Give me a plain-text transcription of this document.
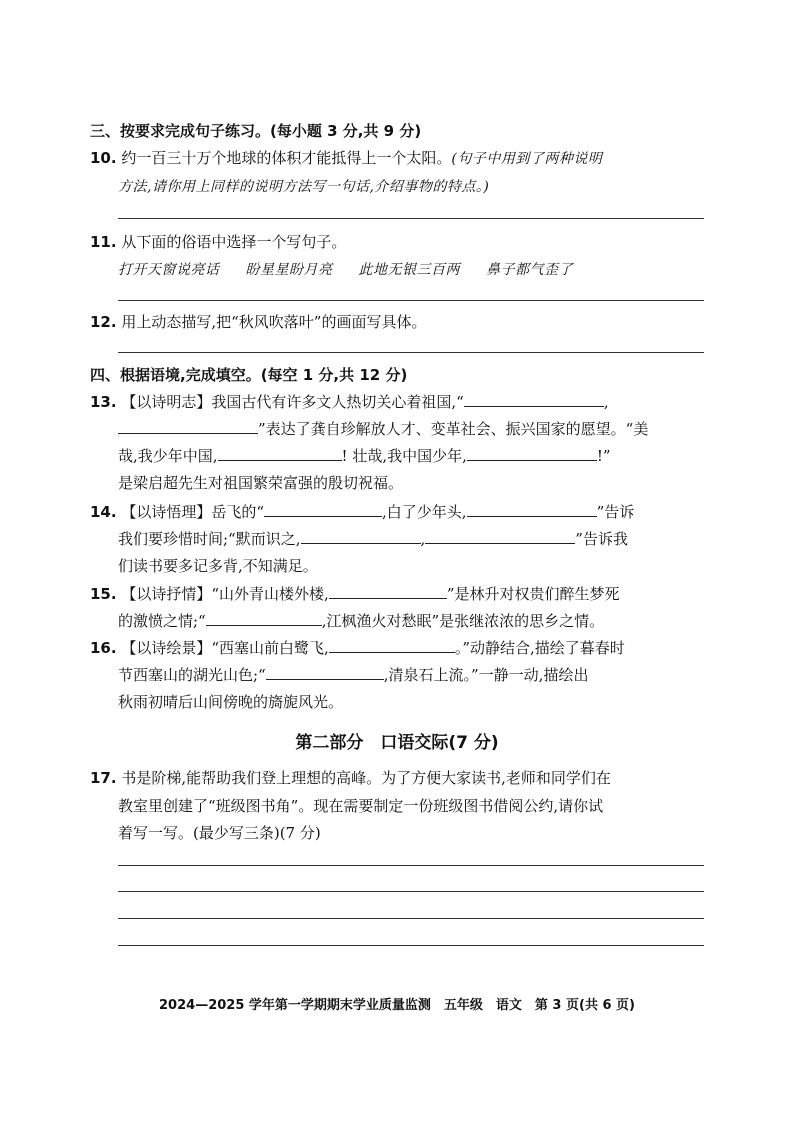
三、按要求完成句子练习。(每小题 3 分,共 9 分)
10. 约一百三十万个地球的体积才能抵得上一个太阳。(句子中用到了两种说明
方法,请你用上同样的说明方法写一句话,介绍事物的特点。)
11. 从下面的俗语中选择一个写句子。
打开天窗说亮话 盼星星盼月亮 此地无银三百两 鼻子都气歪了
12. 用上动态描写,把“秋风吹落叶”的画面写具体。
四、根据语境,完成填空。(每空 1 分,共 12 分)
13. 【以诗明志】我国古代有许多文人热切关心着祖国,“	,
”表达了龚自珍解放人才、变革社会、振兴国家的愿望。“美
哉,我少年中国,	! 壮哉,我中国少年,	!”
是梁启超先生对祖国繁荣富强的殷切祝福。
14. 【以诗悟理】岳飞的“	,白了少年头,	”告诉
我们要珍惜时间;“默而识之,	,	”告诉我
们读书要多记多背,不知满足。
15. 【以诗抒情】“山外青山楼外楼,	”是林升对权贵们醉生梦死
的激愤之情;“	,江枫渔火对愁眠”是张继浓浓的思乡之情。
16. 【以诗绘景】“西塞山前白鹭飞,	。”动静结合,描绘了暮春时
节西塞山的湖光山色;“	,清泉石上流。”一静一动,描绘出
秋雨初晴后山间傍晚的旖旎风光。
第二部分　口语交际(7 分)
17. 书是阶梯,能帮助我们登上理想的高峰。为了方便大家读书,老师和同学们在
教室里创建了“班级图书角”。现在需要制定一份班级图书借阅公约,请你试
着写一写。(最少写三条)(7 分)
2024—2025 学年第一学期期末学业质量监测　五年级　语文　第 3 页(共 6 页)
